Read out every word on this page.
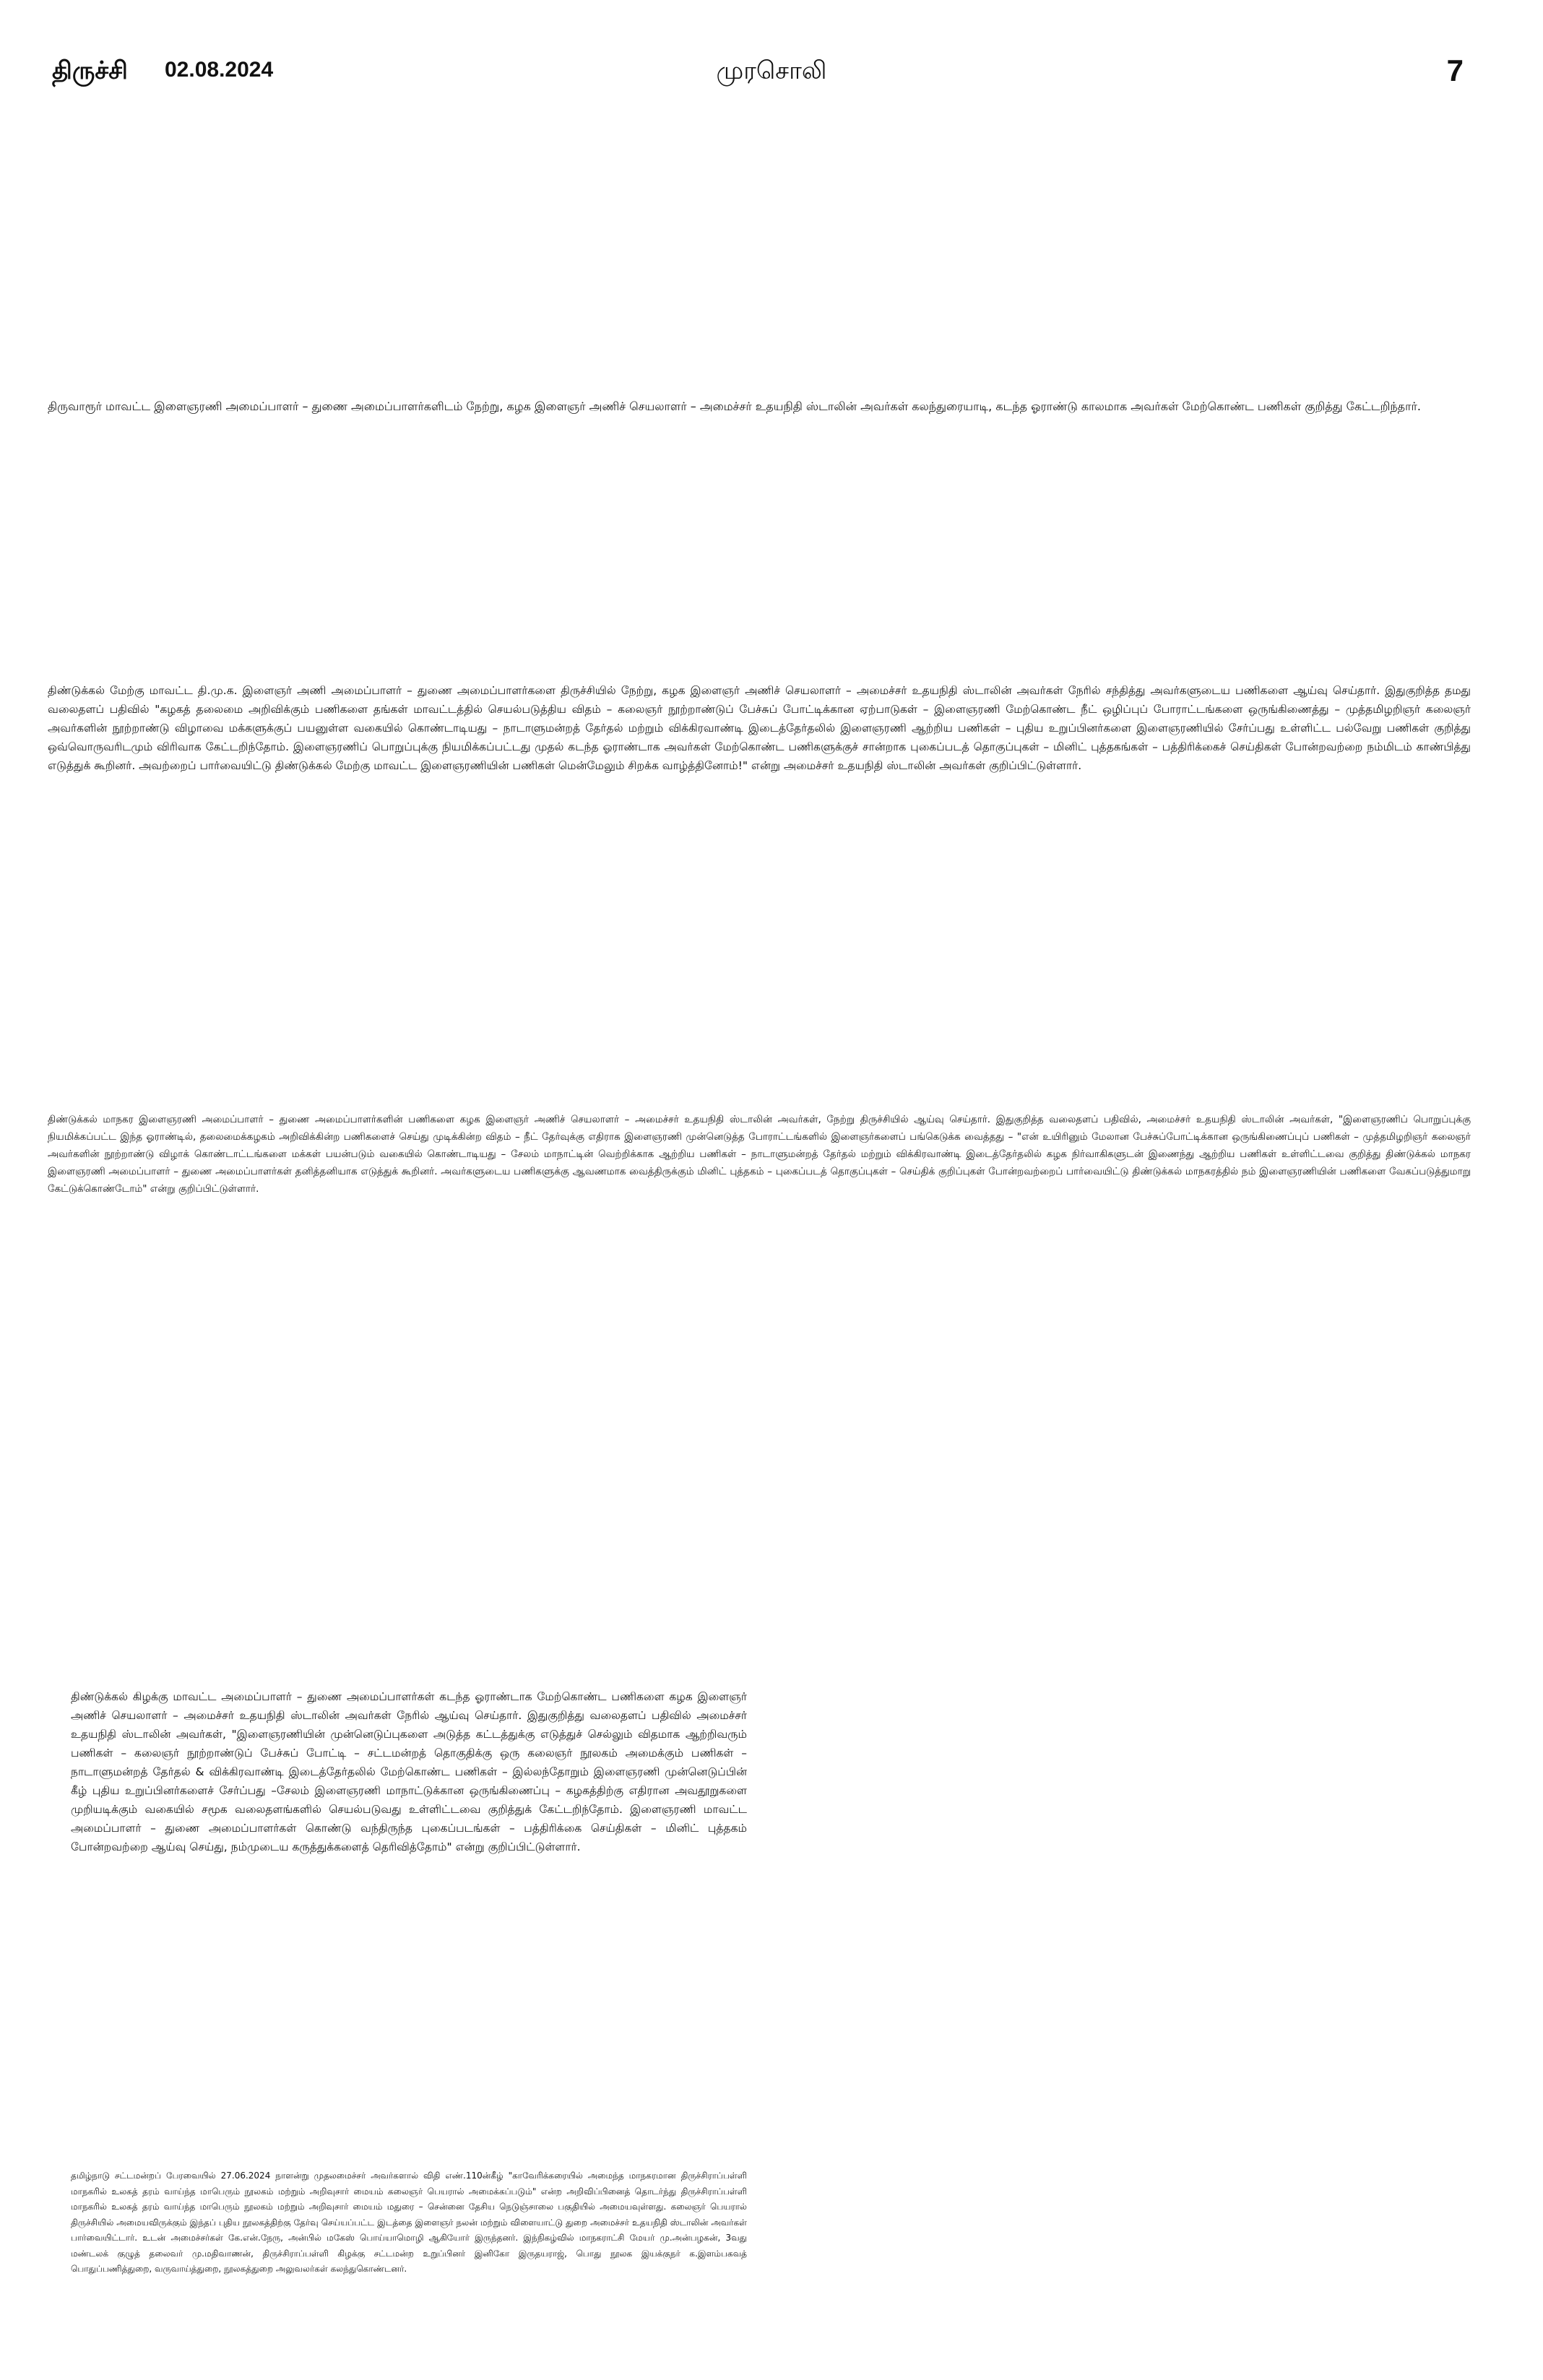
திருச்சி 02.08.2024	முரசொலி	7

திருவாரூர் மாவட்ட இளைஞரணி அமைப்பாளர் – துணை அமைப்பாளர்களிடம் நேற்று, கழக இளைஞர் அணிச் செயலாளர் – அமைச்சர் உதயநிதி ஸ்டாலின் அவர்கள் கலந்துரையாடி, கடந்த ஓராண்டு காலமாக அவர்கள் மேற்கொண்ட பணிகள் குறித்து கேட்டறிந்தார்.

திண்டுக்கல் மேற்கு மாவட்ட தி.மு.க. இளைஞர் அணி அமைப்பாளர் – துணை அமைப்பாளர்களை திருச்சியில் நேற்று, கழக இளைஞர் அணிச் செயலாளர் – அமைச்சர் உதயநிதி ஸ்டாலின் அவர்கள் நேரில் சந்தித்து அவர்களுடைய பணிகளை ஆய்வு செய்தார். இதுகுறித்த தமது வலைதளப் பதிவில் "கழகத் தலைமை அறிவிக்கும் பணிகளை தங்கள் மாவட்டத்தில் செயல்படுத்திய விதம் – கலைஞர் நூற்றாண்டுப் பேச்சுப் போட்டிக்கான ஏற்பாடுகள் – இளைஞரணி மேற்கொண்ட நீட் ஒழிப்புப் போராட்டங்களை ஒருங்கிணைத்து – முத்தமிழறிஞர் கலைஞர் அவர்களின் நூற்றாண்டு விழாவை மக்களுக்குப் பயனுள்ள வகையில் கொண்டாடியது – நாடாளுமன்றத் தேர்தல் மற்றும் விக்கிரவாண்டி இடைத்தேர்தலில் இளைஞரணி ஆற்றிய பணிகள் – புதிய உறுப்பினர்களை இளைஞரணியில் சேர்ப்பது உள்ளிட்ட பல்வேறு பணிகள் குறித்து ஒவ்வொருவரிடமும் விரிவாக கேட்டறிந்தோம். இளைஞரணிப் பொறுப்புக்கு நியமிக்கப்பட்டது முதல் கடந்த ஓராண்டாக அவர்கள் மேற்கொண்ட பணிகளுக்குச் சான்றாக புகைப்படத் தொகுப்புகள் – மினிட் புத்தகங்கள் – பத்திரிக்கைச் செய்திகள் போன்றவற்றை நம்மிடம் காண்பித்து எடுத்துக் கூறினர். அவற்றைப் பார்வையிட்டு திண்டுக்கல் மேற்கு மாவட்ட இளைஞரணியின் பணிகள் மென்மேலும் சிறக்க வாழ்த்தினோம்!" என்று அமைச்சர் உதயநிதி ஸ்டாலின் அவர்கள் குறிப்பிட்டுள்ளார்.

திண்டுக்கல் மாநகர இளைஞரணி அமைப்பாளர் – துணை அமைப்பாளர்களின் பணிகளை கழக இளைஞர் அணிச் செயலாளர் – அமைச்சர் உதயநிதி ஸ்டாலின் அவர்கள், நேற்று திருச்சியில் ஆய்வு செய்தார். இதுகுறித்த வலைதளப் பதிவில், அமைச்சர் உதயநிதி ஸ்டாலின் அவர்கள், "இளைஞரணிப் பொறுப்புக்கு நியமிக்கப்பட்ட இந்த ஓராண்டில், தலைமைக்கழகம் அறிவிக்கின்ற பணிகளைச் செய்து முடிக்கின்ற விதம் – நீட் தேர்வுக்கு எதிராக இளைஞரணி முன்னெடுத்த போராட்டங்களில் இளைஞர்களைப் பங்கெடுக்க வைத்தது – "என் உயிரினும் மேலான பேச்சுப்போட்டிக்கான ஒருங்கிணைப்புப் பணிகள் – முத்தமிழறிஞர் கலைஞர் அவர்களின் நூற்றாண்டு விழாக் கொண்டாட்டங்களை மக்கள் பயன்படும் வகையில் கொண்டாடியது – சேலம் மாநாட்டின் வெற்றிக்காக ஆற்றிய பணிகள் – நாடாளுமன்றத் தேர்தல் மற்றும் விக்கிரவாண்டி இடைத்தேர்தலில் கழக நிர்வாகிகளுடன் இணைந்து ஆற்றிய பணிகள் உள்ளிட்டவை குறித்து திண்டுக்கல் மாநகர இளைஞரணி அமைப்பாளர் – துணை அமைப்பாளர்கள் தனித்தனியாக எடுத்துக் கூறினர். அவர்களுடைய பணிகளுக்கு ஆவணமாக வைத்திருக்கும் மினிட் புத்தகம் – புகைப்படத் தொகுப்புகள் – செய்திக் குறிப்புகள் போன்றவற்றைப் பார்வையிட்டு திண்டுக்கல் மாநகரத்தில் நம் இளைஞரணியின் பணிகளை வேகப்படுத்துமாறு கேட்டுக்கொண்டோம்" என்று குறிப்பிட்டுள்ளார்.

திண்டுக்கல் கிழக்கு மாவட்ட அமைப்பாளர் – துணை அமைப்பாளர்கள் கடந்த ஓராண்டாக மேற்கொண்ட பணிகளை கழக இளைஞர் அணிச் செயலாளர் – அமைச்சர் உதயநிதி ஸ்டாலின் அவர்கள் நேரில் ஆய்வு செய்தார். இதுகுறித்து வலைதளப் பதிவில் அமைச்சர் உதயநிதி ஸ்டாலின் அவர்கள், "இளைஞரணியின் முன்னெடுப்புகளை அடுத்த கட்டத்துக்கு எடுத்துச் செல்லும் விதமாக ஆற்றிவரும் பணிகள் – கலைஞர் நூற்றாண்டுப் பேச்சுப் போட்டி – சட்டமன்றத் தொகுதிக்கு ஒரு கலைஞர் நூலகம் அமைக்கும் பணிகள் – நாடாளுமன்றத் தேர்தல் & விக்கிரவாண்டி இடைத்தேர்தலில் மேற்கொண்ட பணிகள் – இல்லந்தோறும் இளைஞரணி முன்னெடுப்பின் கீழ் புதிய உறுப்பினர்களைச் சேர்ப்பது –சேலம் இளைஞரணி மாநாட்டுக்கான ஒருங்கிணைப்பு – கழகத்திற்கு எதிரான அவதூறுகளை முறியடிக்கும் வகையில் சமூக வலைதளங்களில் செயல்படுவது உள்ளிட்டவை குறித்துக் கேட்டறிந்தோம். இளைஞரணி மாவட்ட அமைப்பாளர் – துணை அமைப்பாளர்கள் கொண்டு வந்திருந்த புகைப்படங்கள் – பத்திரிக்கை செய்திகள் – மினிட் புத்தகம் போன்றவற்றை ஆய்வு செய்து, நம்முடைய கருத்துக்களைத் தெரிவித்தோம்" என்று குறிப்பிட்டுள்ளார்.

தமிழ்நாடு சட்டமன்றப் பேரவையில் 27.06.2024 நாளன்று முதலமைச்சர் அவர்களால் விதி எண்.110ன்கீழ் "காவேரிக்கரையில் அமைந்த மாநகரமான திருச்சிராப்பள்ளி மாநகரில் உலகத் தரம் வாய்ந்த மாபெரும் நூலகம் மற்றும் அறிவுசார் மையம் கலைஞர் பெயரால் அமைக்கப்படும்" என்ற அறிவிப்பினைத் தொடர்ந்து திருச்சிராப்பள்ளி மாநகரில் உலகத் தரம் வாய்ந்த மாபெரும் நூலகம் மற்றும் அறிவுசார் மையம் மதுரை – சென்னை தேசிய நெடுஞ்சாலை பகுதியில் அமையவுள்ளது. கலைஞர் பெயரால் திருச்சியில் அமையவிருக்கும் இந்தப் புதிய நூலகத்திற்கு தேர்வு செய்யப்பட்ட இடத்தை இளைஞர் நலன் மற்றும் விளையாட்டு துறை அமைச்சர் உதயநிதி ஸ்டாலின் அவர்கள் பார்வையிட்டார். உடன் அமைச்சர்கள் கே.என்.நேரு, அன்பில் மகேஸ் பொய்யாமொழி ஆகியோர் இருந்தனர். இந்நிகழ்வில் மாநகராட்சி மேயர் மு.அன்பழகன், 3வது மண்டலக் குழுத் தலைவர் மு.மதிவாணன், திருச்சிராப்பள்ளி கிழக்கு சட்டமன்ற உறுப்பினர் இனிகோ இருதயராஜ், பொது நூலக இயக்குநர் க.இளம்பகவத் பொதுப்பணித்துறை, வருவாய்த்துறை, நூலகத்துறை அலுவலர்கள் கலந்துகொண்டனர்.
